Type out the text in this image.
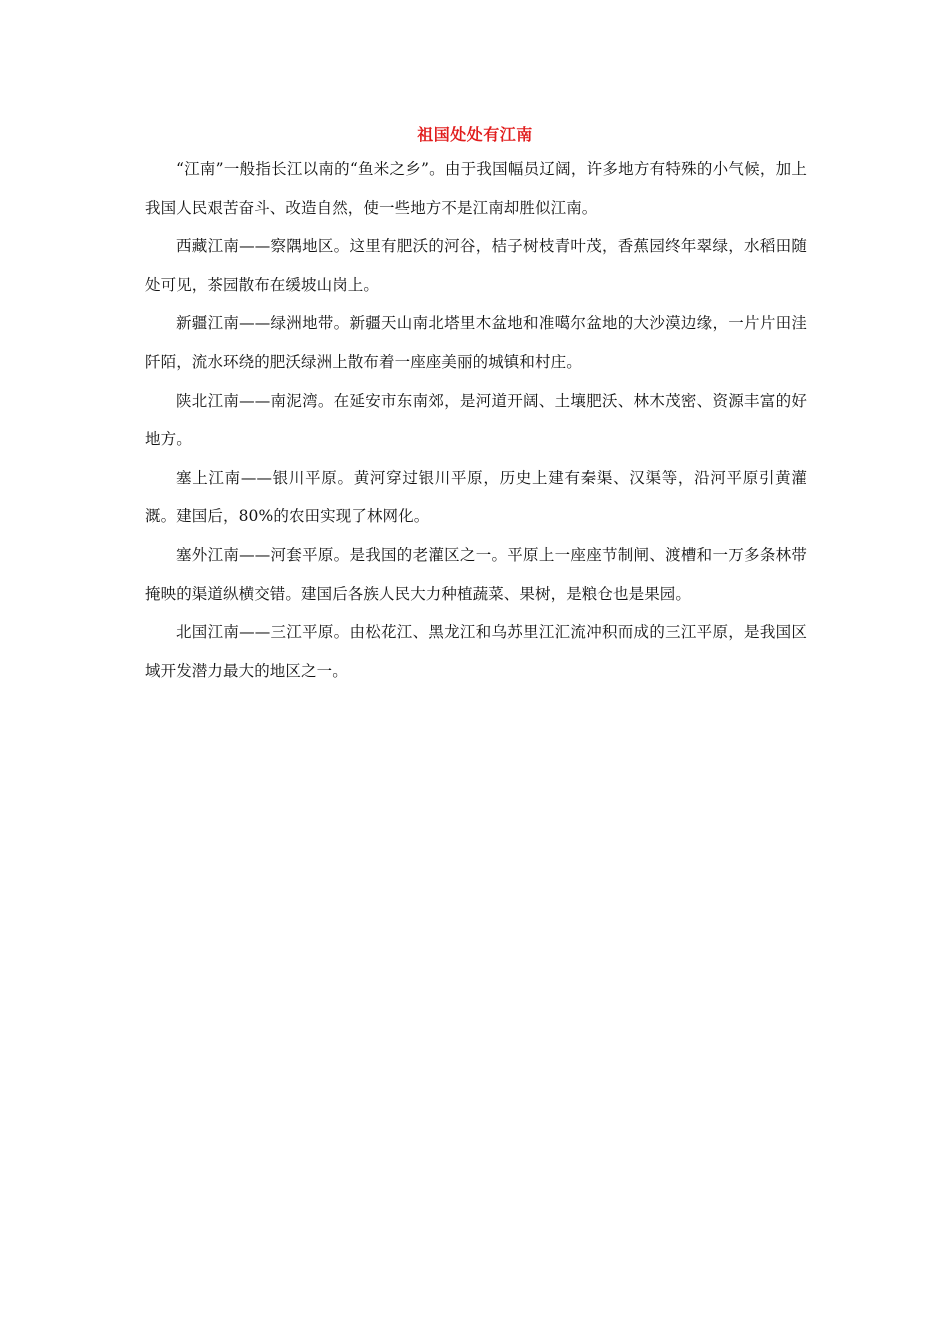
祖国处处有江南

“江南”一般指长江以南的“鱼米之乡”。由于我国幅员辽阔，许多地方有特殊的小气候，加上我国人民艰苦奋斗、改造自然，使一些地方不是江南却胜似江南。

西藏江南——察隅地区。这里有肥沃的河谷，桔子树枝青叶茂，香蕉园终年翠绿，水稻田随处可见，茶园散布在缓坡山岗上。

新疆江南——绿洲地带。新疆天山南北塔里木盆地和准噶尔盆地的大沙漠边缘，一片片田洼阡陌，流水环绕的肥沃绿洲上散布着一座座美丽的城镇和村庄。

陕北江南——南泥湾。在延安市东南郊，是河道开阔、土壤肥沃、林木茂密、资源丰富的好地方。

塞上江南——银川平原。黄河穿过银川平原，历史上建有秦渠、汉渠等，沿河平原引黄灌溉。建国后，80%的农田实现了林网化。

塞外江南——河套平原。是我国的老灌区之一。平原上一座座节制闸、渡槽和一万多条林带掩映的渠道纵横交错。建国后各族人民大力种植蔬菜、果树，是粮仓也是果园。

北国江南——三江平原。由松花江、黑龙江和乌苏里江汇流冲积而成的三江平原，是我国区域开发潜力最大的地区之一。
